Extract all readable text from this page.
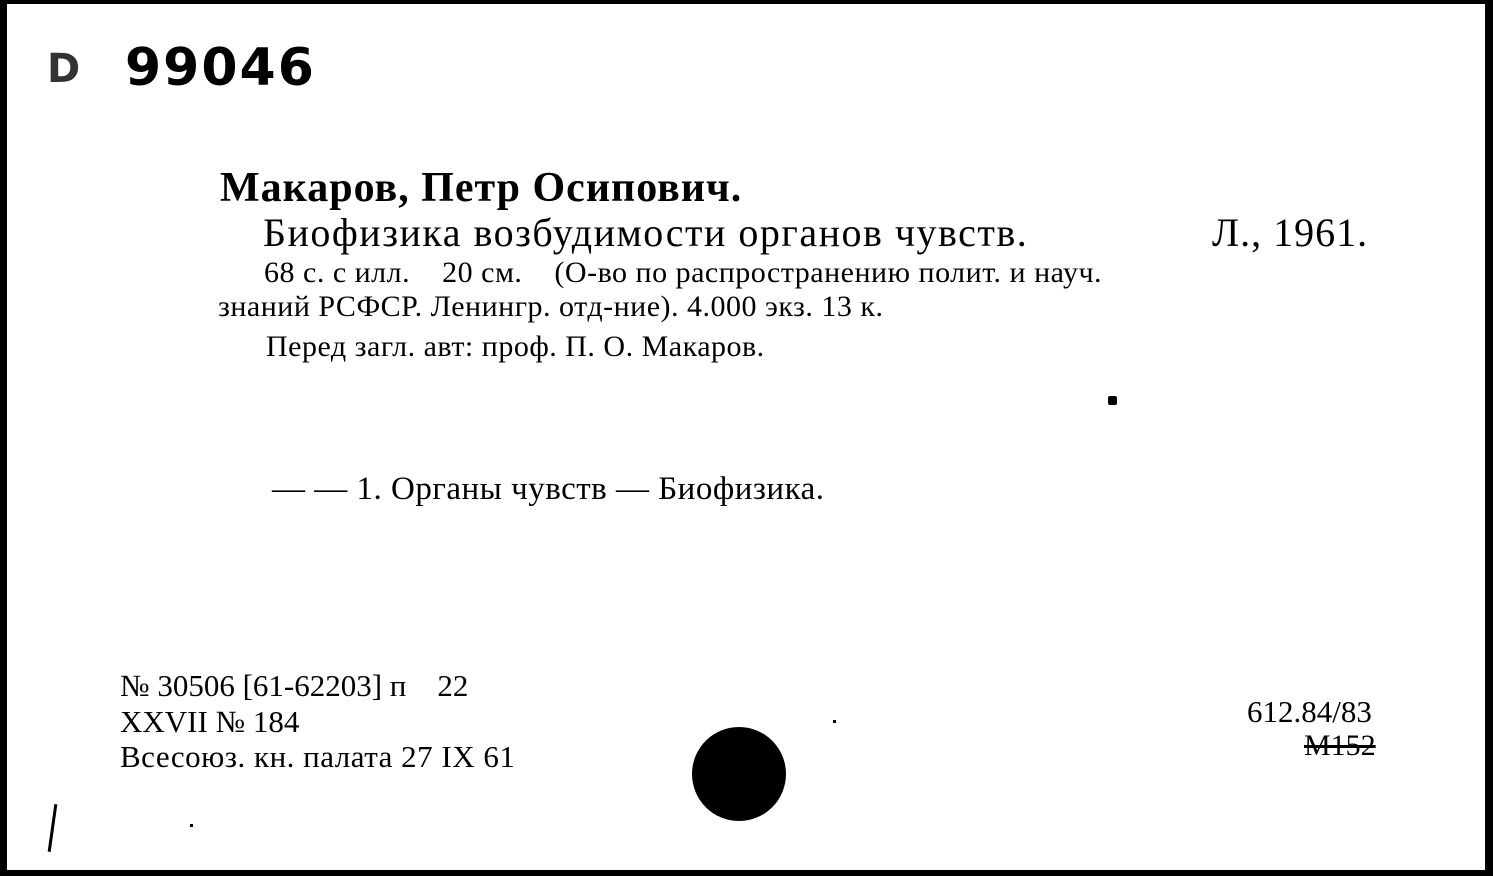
D 99046
Макаров, Петр Осипович.
Биофизика возбудимости органов чувств.	Л., 1961.
68 с. с илл.    20 см.    (О-во по распространению полит. и науч.
знаний РСФСР. Ленингр. отд-ние). 4.000 экз. 13 к.
Перед загл. авт: проф. П. О. Макаров.
— — 1. Органы чувств — Биофизика.
№ 30506 [61-62203] п    22
XXVII № 184
Всесоюз. кн. палата 27 IX 61
612.84/83
М152
